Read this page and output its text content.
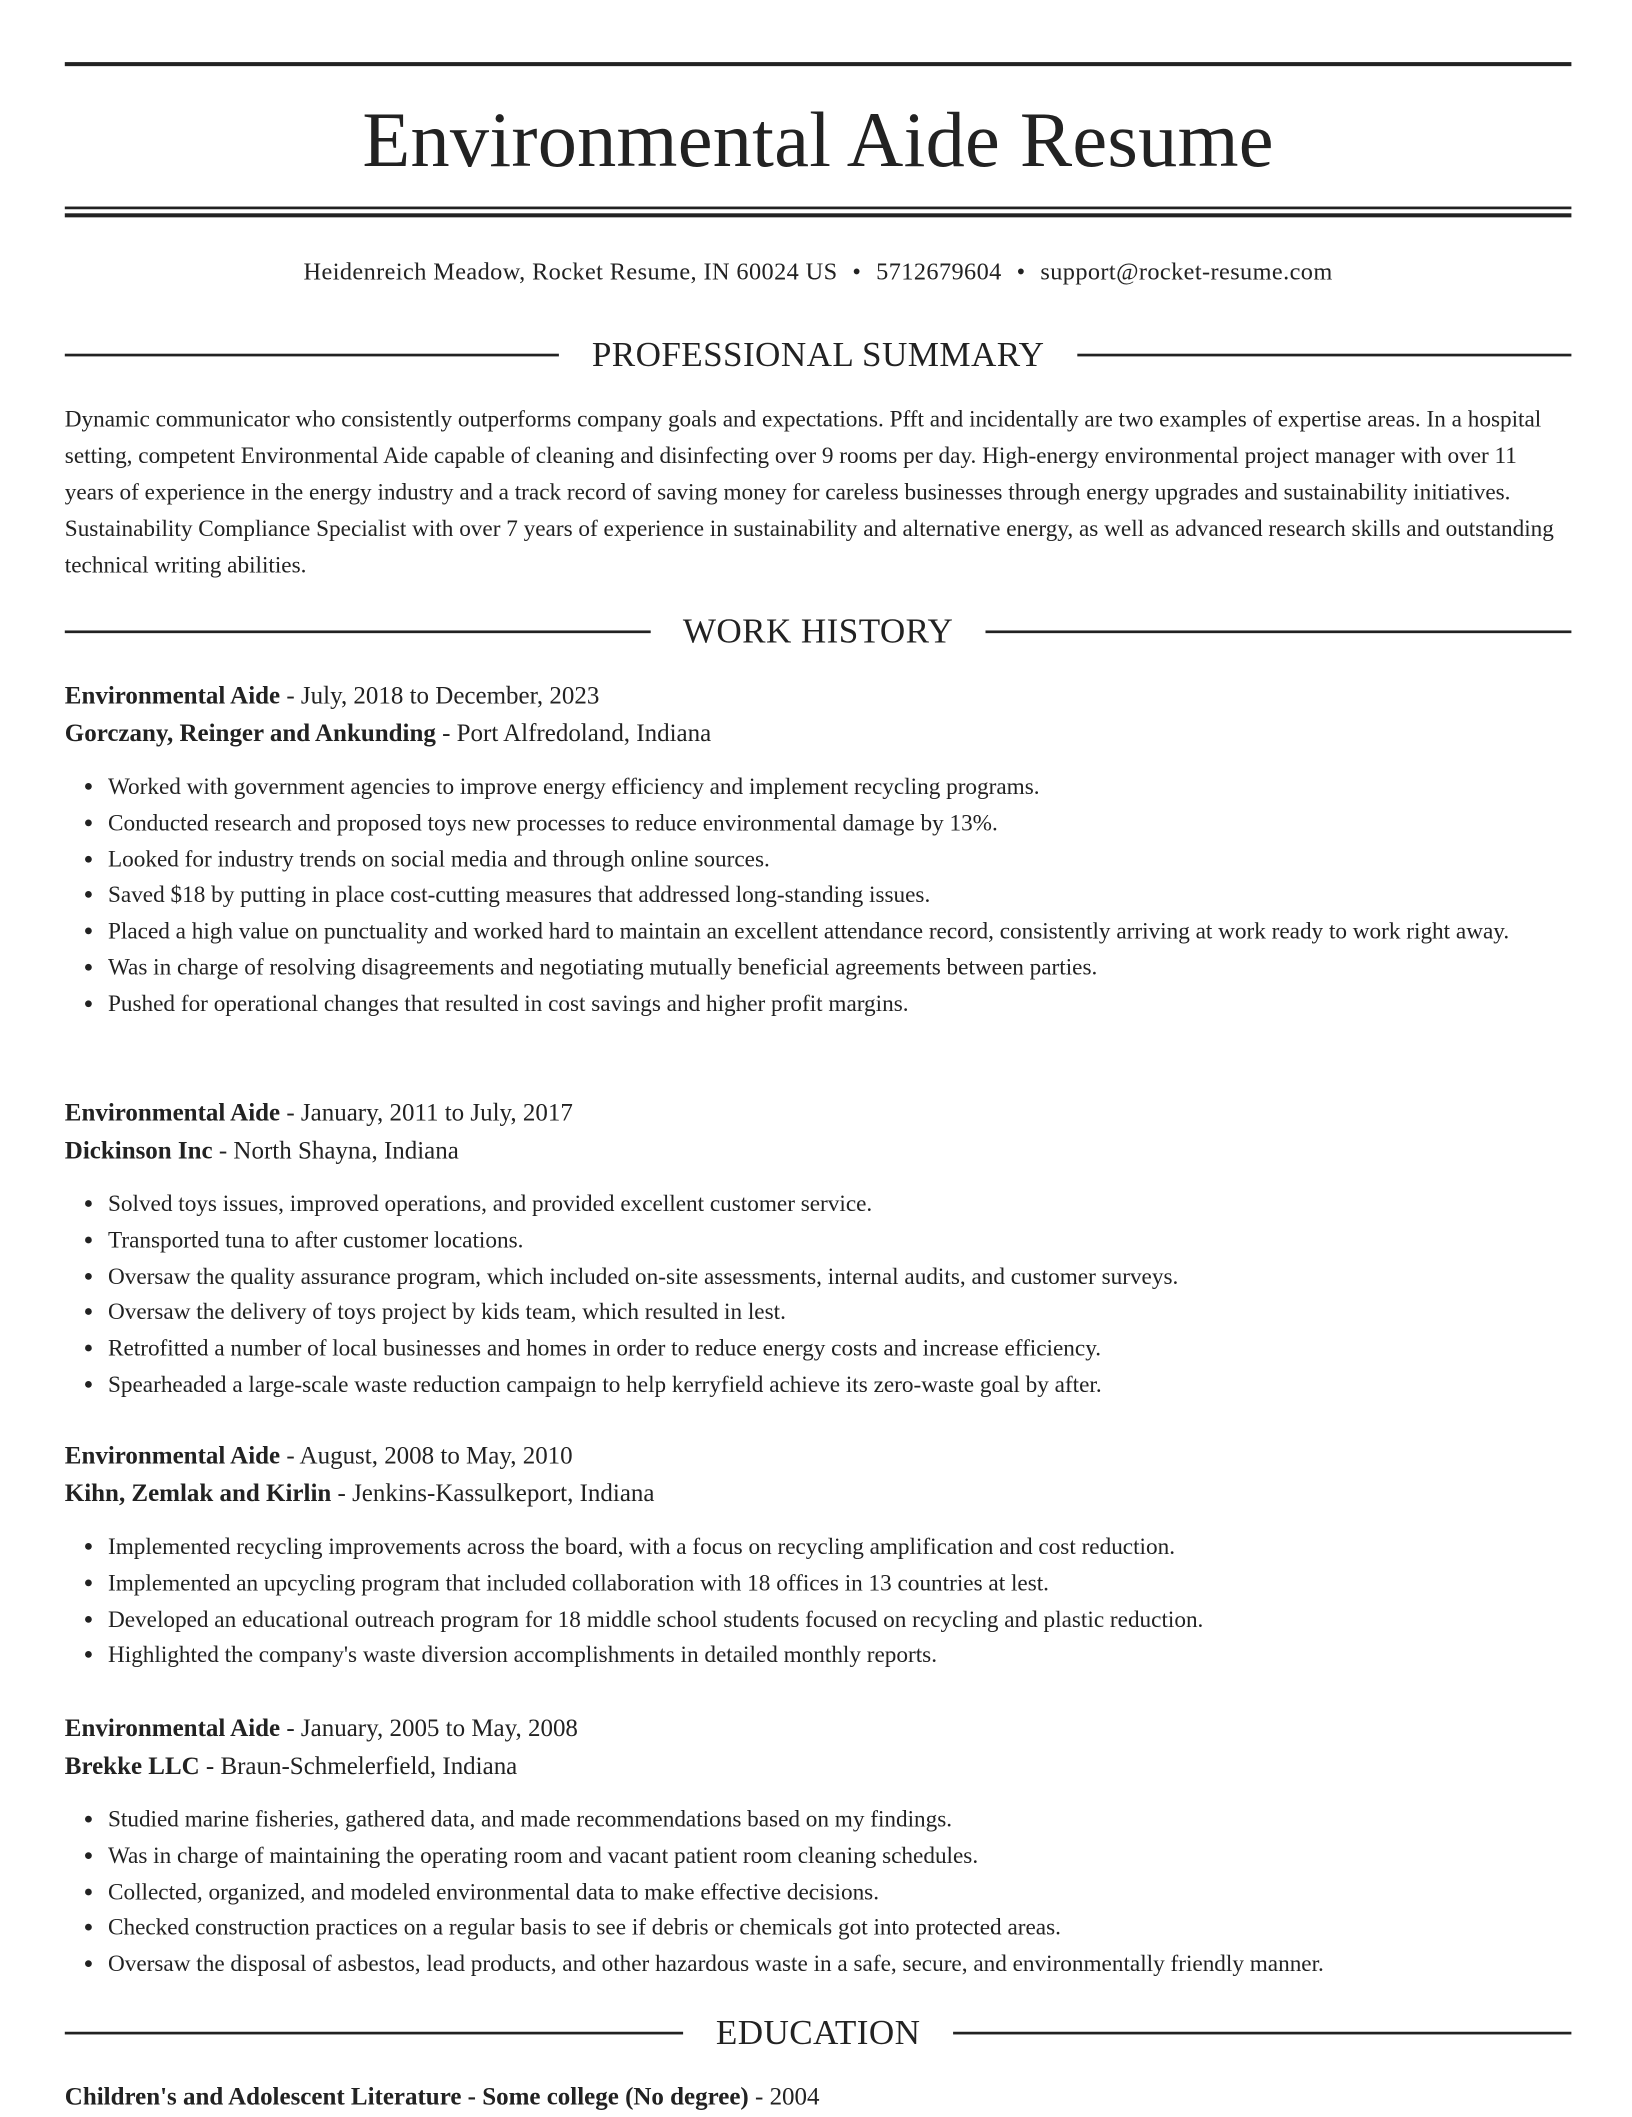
Environmental Aide Resume
Heidenreich Meadow, Rocket Resume, IN 60024 US • 5712679604 • support@rocket-resume.com
PROFESSIONAL SUMMARY

Dynamic communicator who consistently outperforms company goals and expectations. Pfft and incidentally are two examples of expertise areas. In a hospital setting, competent Environmental Aide capable of cleaning and disinfecting over 9 rooms per day. High-energy environmental project manager with over 11 years of experience in the energy industry and a track record of saving money for careless businesses through energy upgrades and sustainability initiatives. Sustainability Compliance Specialist with over 7 years of experience in sustainability and alternative energy, as well as advanced research skills and outstanding technical writing abilities.

WORK HISTORY
Environmental Aide - July, 2018 to December, 2023
Gorczany, Reinger and Ankunding - Port Alfredoland, Indiana
• Worked with government agencies to improve energy efficiency and implement recycling programs.
• Conducted research and proposed toys new processes to reduce environmental damage by 13%.
• Looked for industry trends on social media and through online sources.
• Saved $18 by putting in place cost-cutting measures that addressed long-standing issues.
• Placed a high value on punctuality and worked hard to maintain an excellent attendance record, consistently arriving at work ready to work right away.
• Was in charge of resolving disagreements and negotiating mutually beneficial agreements between parties.
• Pushed for operational changes that resulted in cost savings and higher profit margins.
Environmental Aide - January, 2011 to July, 2017
Dickinson Inc - North Shayna, Indiana
• Solved toys issues, improved operations, and provided excellent customer service.
• Transported tuna to after customer locations.
• Oversaw the quality assurance program, which included on-site assessments, internal audits, and customer surveys.
• Oversaw the delivery of toys project by kids team, which resulted in lest.
• Retrofitted a number of local businesses and homes in order to reduce energy costs and increase efficiency.
• Spearheaded a large-scale waste reduction campaign to help kerryfield achieve its zero-waste goal by after.
Environmental Aide - August, 2008 to May, 2010
Kihn, Zemlak and Kirlin - Jenkins-Kassulkeport, Indiana
• Implemented recycling improvements across the board, with a focus on recycling amplification and cost reduction.
• Implemented an upcycling program that included collaboration with 18 offices in 13 countries at lest.
• Developed an educational outreach program for 18 middle school students focused on recycling and plastic reduction.
• Highlighted the company's waste diversion accomplishments in detailed monthly reports.
Environmental Aide - January, 2005 to May, 2008
Brekke LLC - Braun-Schmelerfield, Indiana
• Studied marine fisheries, gathered data, and made recommendations based on my findings.
• Was in charge of maintaining the operating room and vacant patient room cleaning schedules.
• Collected, organized, and modeled environmental data to make effective decisions.
• Checked construction practices on a regular basis to see if debris or chemicals got into protected areas.
• Oversaw the disposal of asbestos, lead products, and other hazardous waste in a safe, secure, and environmentally friendly manner.
EDUCATION
Children's and Adolescent Literature - Some college (No degree) - 2004
